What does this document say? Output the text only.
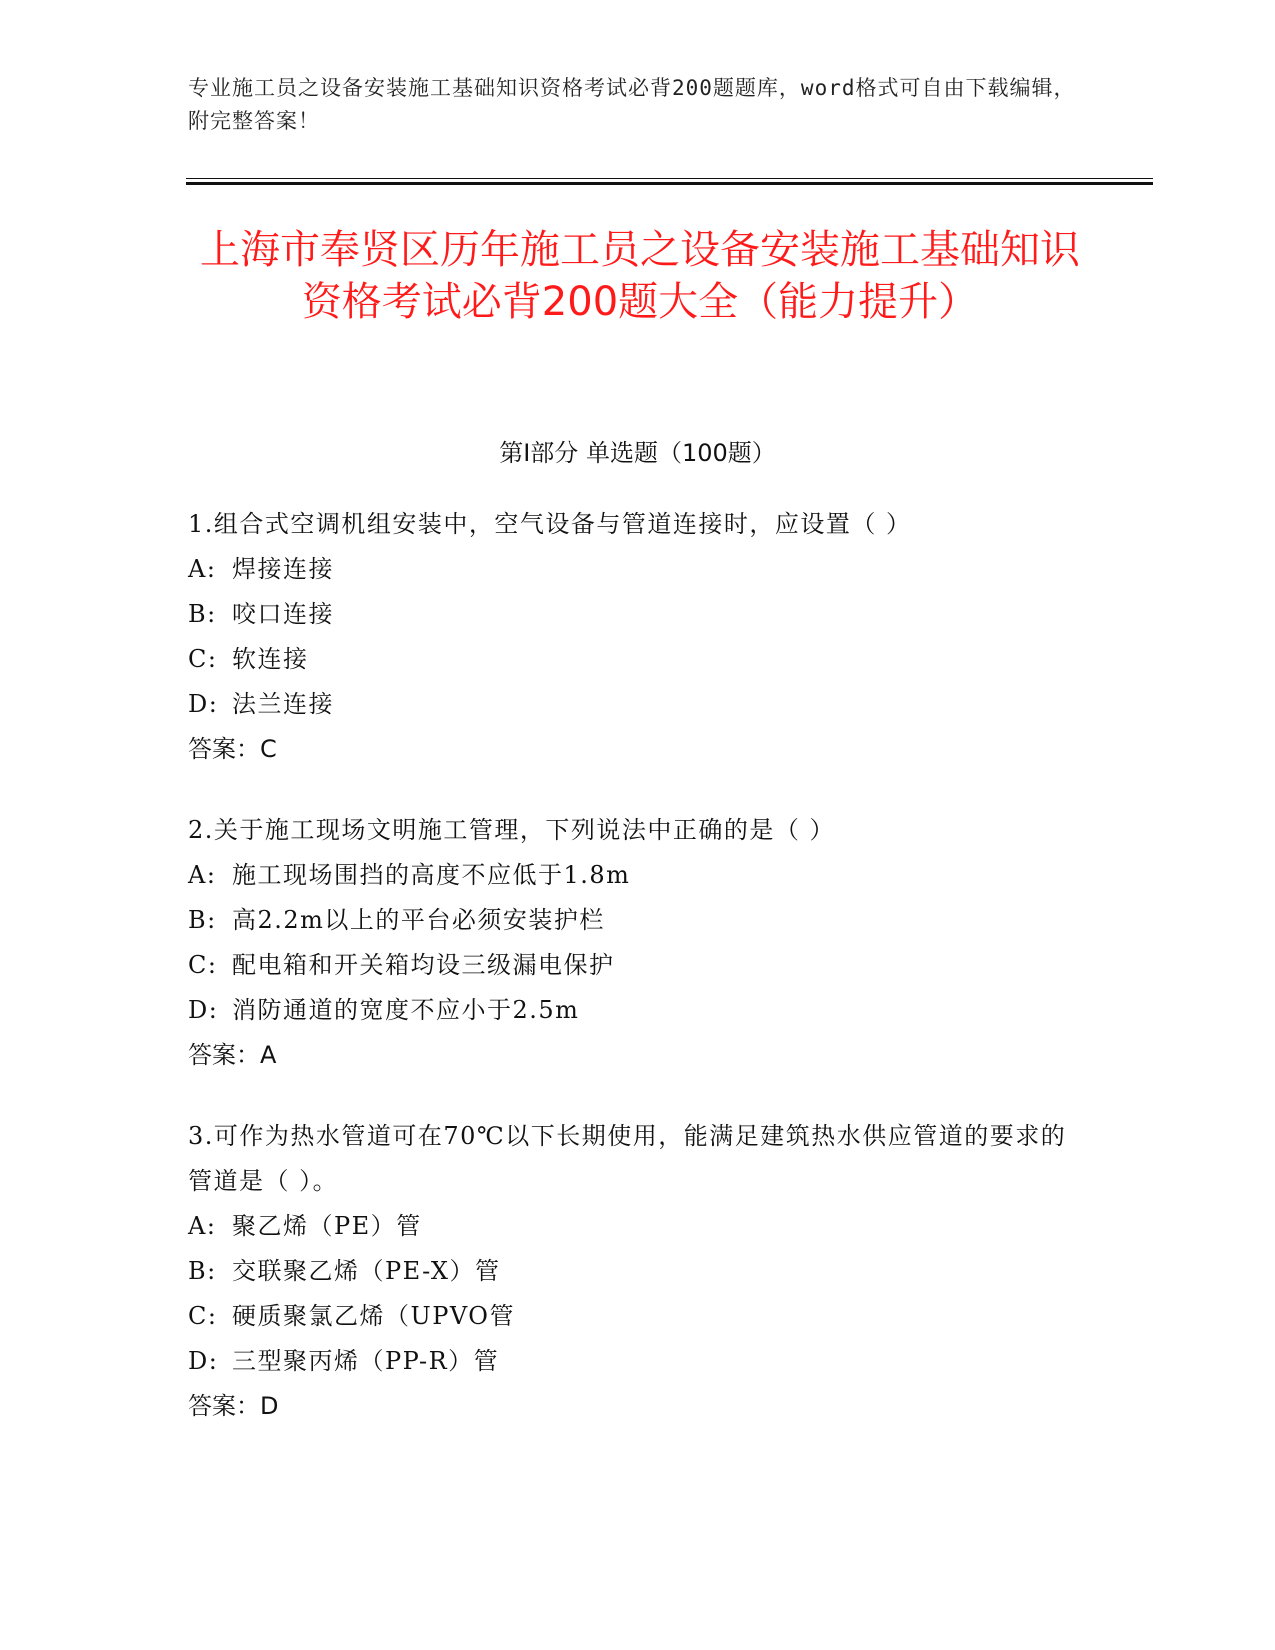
专业施工员之设备安装施工基础知识资格考试必背200题题库，word格式可自由下载编辑，附完整答案！
上海市奉贤区历年施工员之设备安装施工基础知识资格考试必背200题大全（能力提升）
第Ⅰ部分 单选题（100题）
1.组合式空调机组安装中，空气设备与管道连接时，应设置（ ）
A: 焊接连接
B: 咬口连接
C: 软连接
D: 法兰连接
答案：C
2.关于施工现场文明施工管理，下列说法中正确的是（ ）
A: 施工现场围挡的高度不应低于1.8m
B: 高2.2m以上的平台必须安装护栏
C: 配电箱和开关箱均设三级漏电保护
D: 消防通道的宽度不应小于2.5m
答案：A
3.可作为热水管道可在70℃以下长期使用，能满足建筑热水供应管道的要求的管道是（ ）。
A: 聚乙烯（PE）管
B: 交联聚乙烯（PE-X）管
C: 硬质聚氯乙烯（UPVO管
D: 三型聚丙烯（PP-R）管
答案：D
